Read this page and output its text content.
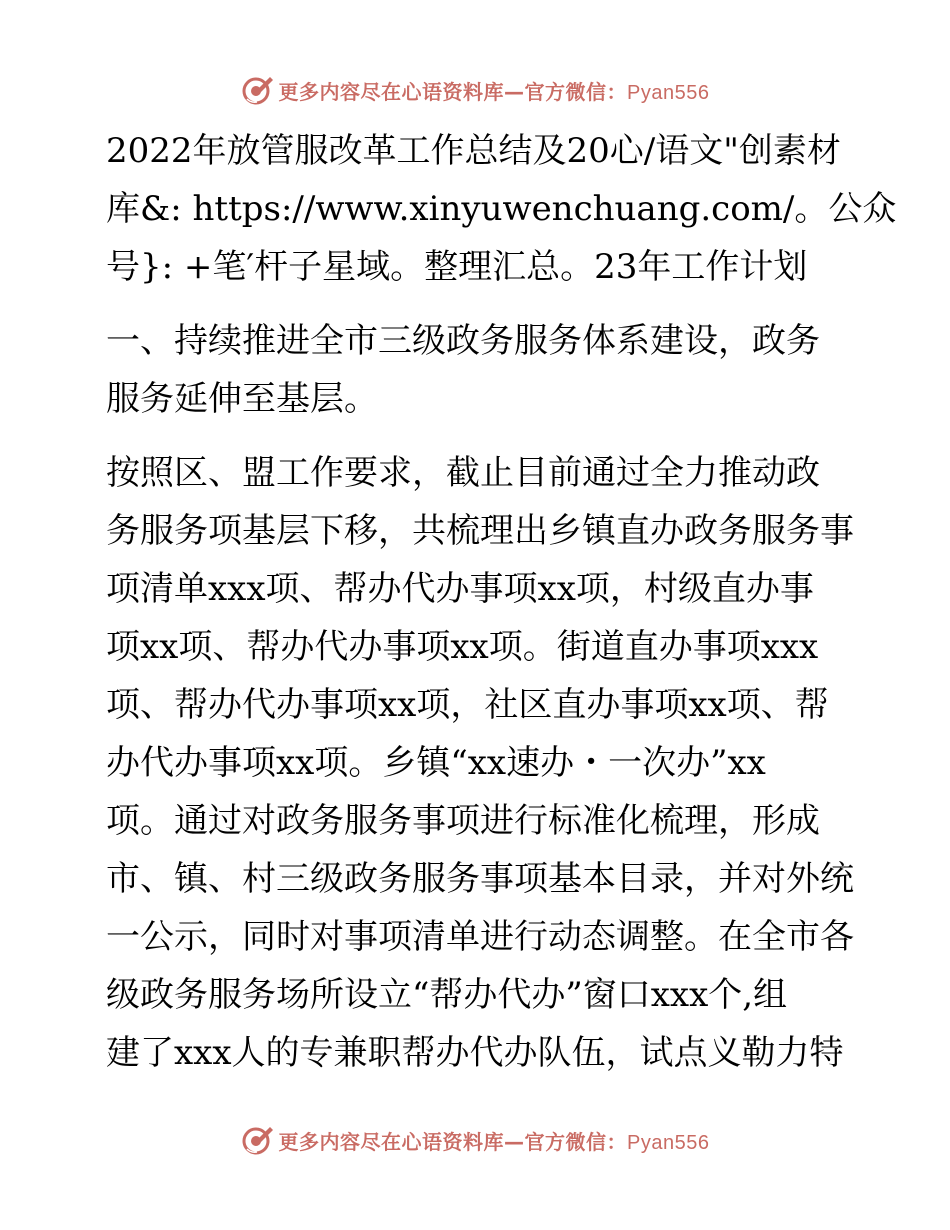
更多内容尽在心语资料库—官方微信：Pyan556
2022年放管服改革工作总结及20心/语文"创素材
库&: https://www.xinyuwenchuang.com/。公众
号}: +笔′杆子星域。整理汇总。23年工作计划
一、持续推进全市三级政务服务体系建设，政务
服务延伸至基层。
按照区、盟工作要求，截止目前通过全力推动政
务服务项基层下移，共梳理出乡镇直办政务服务事
项清单xxx项、帮办代办事项xx项，村级直办事
项xx项、帮办代办事项xx项。街道直办事项xxx
项、帮办代办事项xx项，社区直办事项xx项、帮
办代办事项xx项。乡镇“xx速办・一次办”xx
项。通过对政务服务事项进行标准化梳理，形成
市、镇、村三级政务服务事项基本目录，并对外统
一公示，同时对事项清单进行动态调整。在全市各
级政务服务场所设立“帮办代办”窗口xxx个,组
建了xxx人的专兼职帮办代办队伍，试点义勒力特
更多内容尽在心语资料库—官方微信：Pyan556
